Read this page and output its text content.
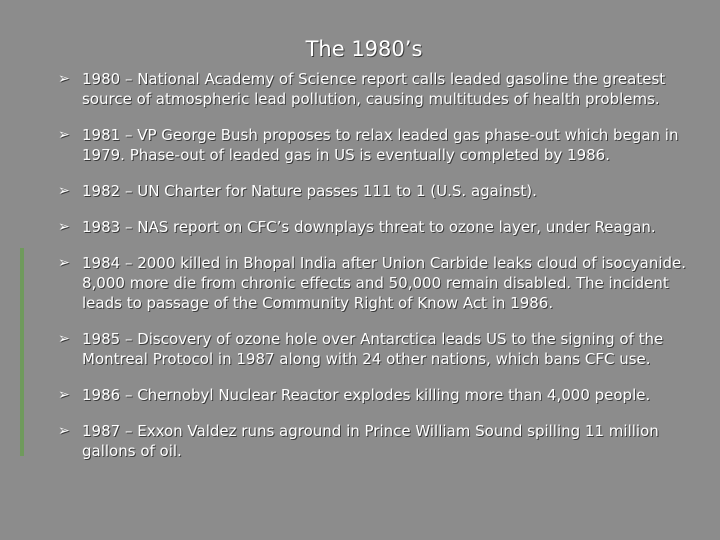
The 1980’s
➢ 1980 – National Academy of Science report calls leaded gasoline the greatest source of atmospheric lead pollution, causing multitudes of health problems.
➢ 1981 – VP George Bush proposes to relax leaded gas phase-out which began in 1979. Phase-out of leaded gas in US is eventually completed by 1986.
➢ 1982 – UN Charter for Nature passes 111 to 1 (U.S. against).
➢ 1983 – NAS report on CFC’s downplays threat to ozone layer, under Reagan.
➢ 1984 – 2000 killed in Bhopal India after Union Carbide leaks cloud of isocyanide. 8,000 more die from chronic effects and 50,000 remain disabled. The incident leads to passage of the Community Right of Know Act in 1986.
➢ 1985 – Discovery of ozone hole over Antarctica leads US to the signing of the Montreal Protocol in 1987 along with 24 other nations, which bans CFC use.
➢ 1986 – Chernobyl Nuclear Reactor explodes killing more than 4,000 people.
➢ 1987 – Exxon Valdez runs aground in Prince William Sound spilling 11 million gallons of oil.
